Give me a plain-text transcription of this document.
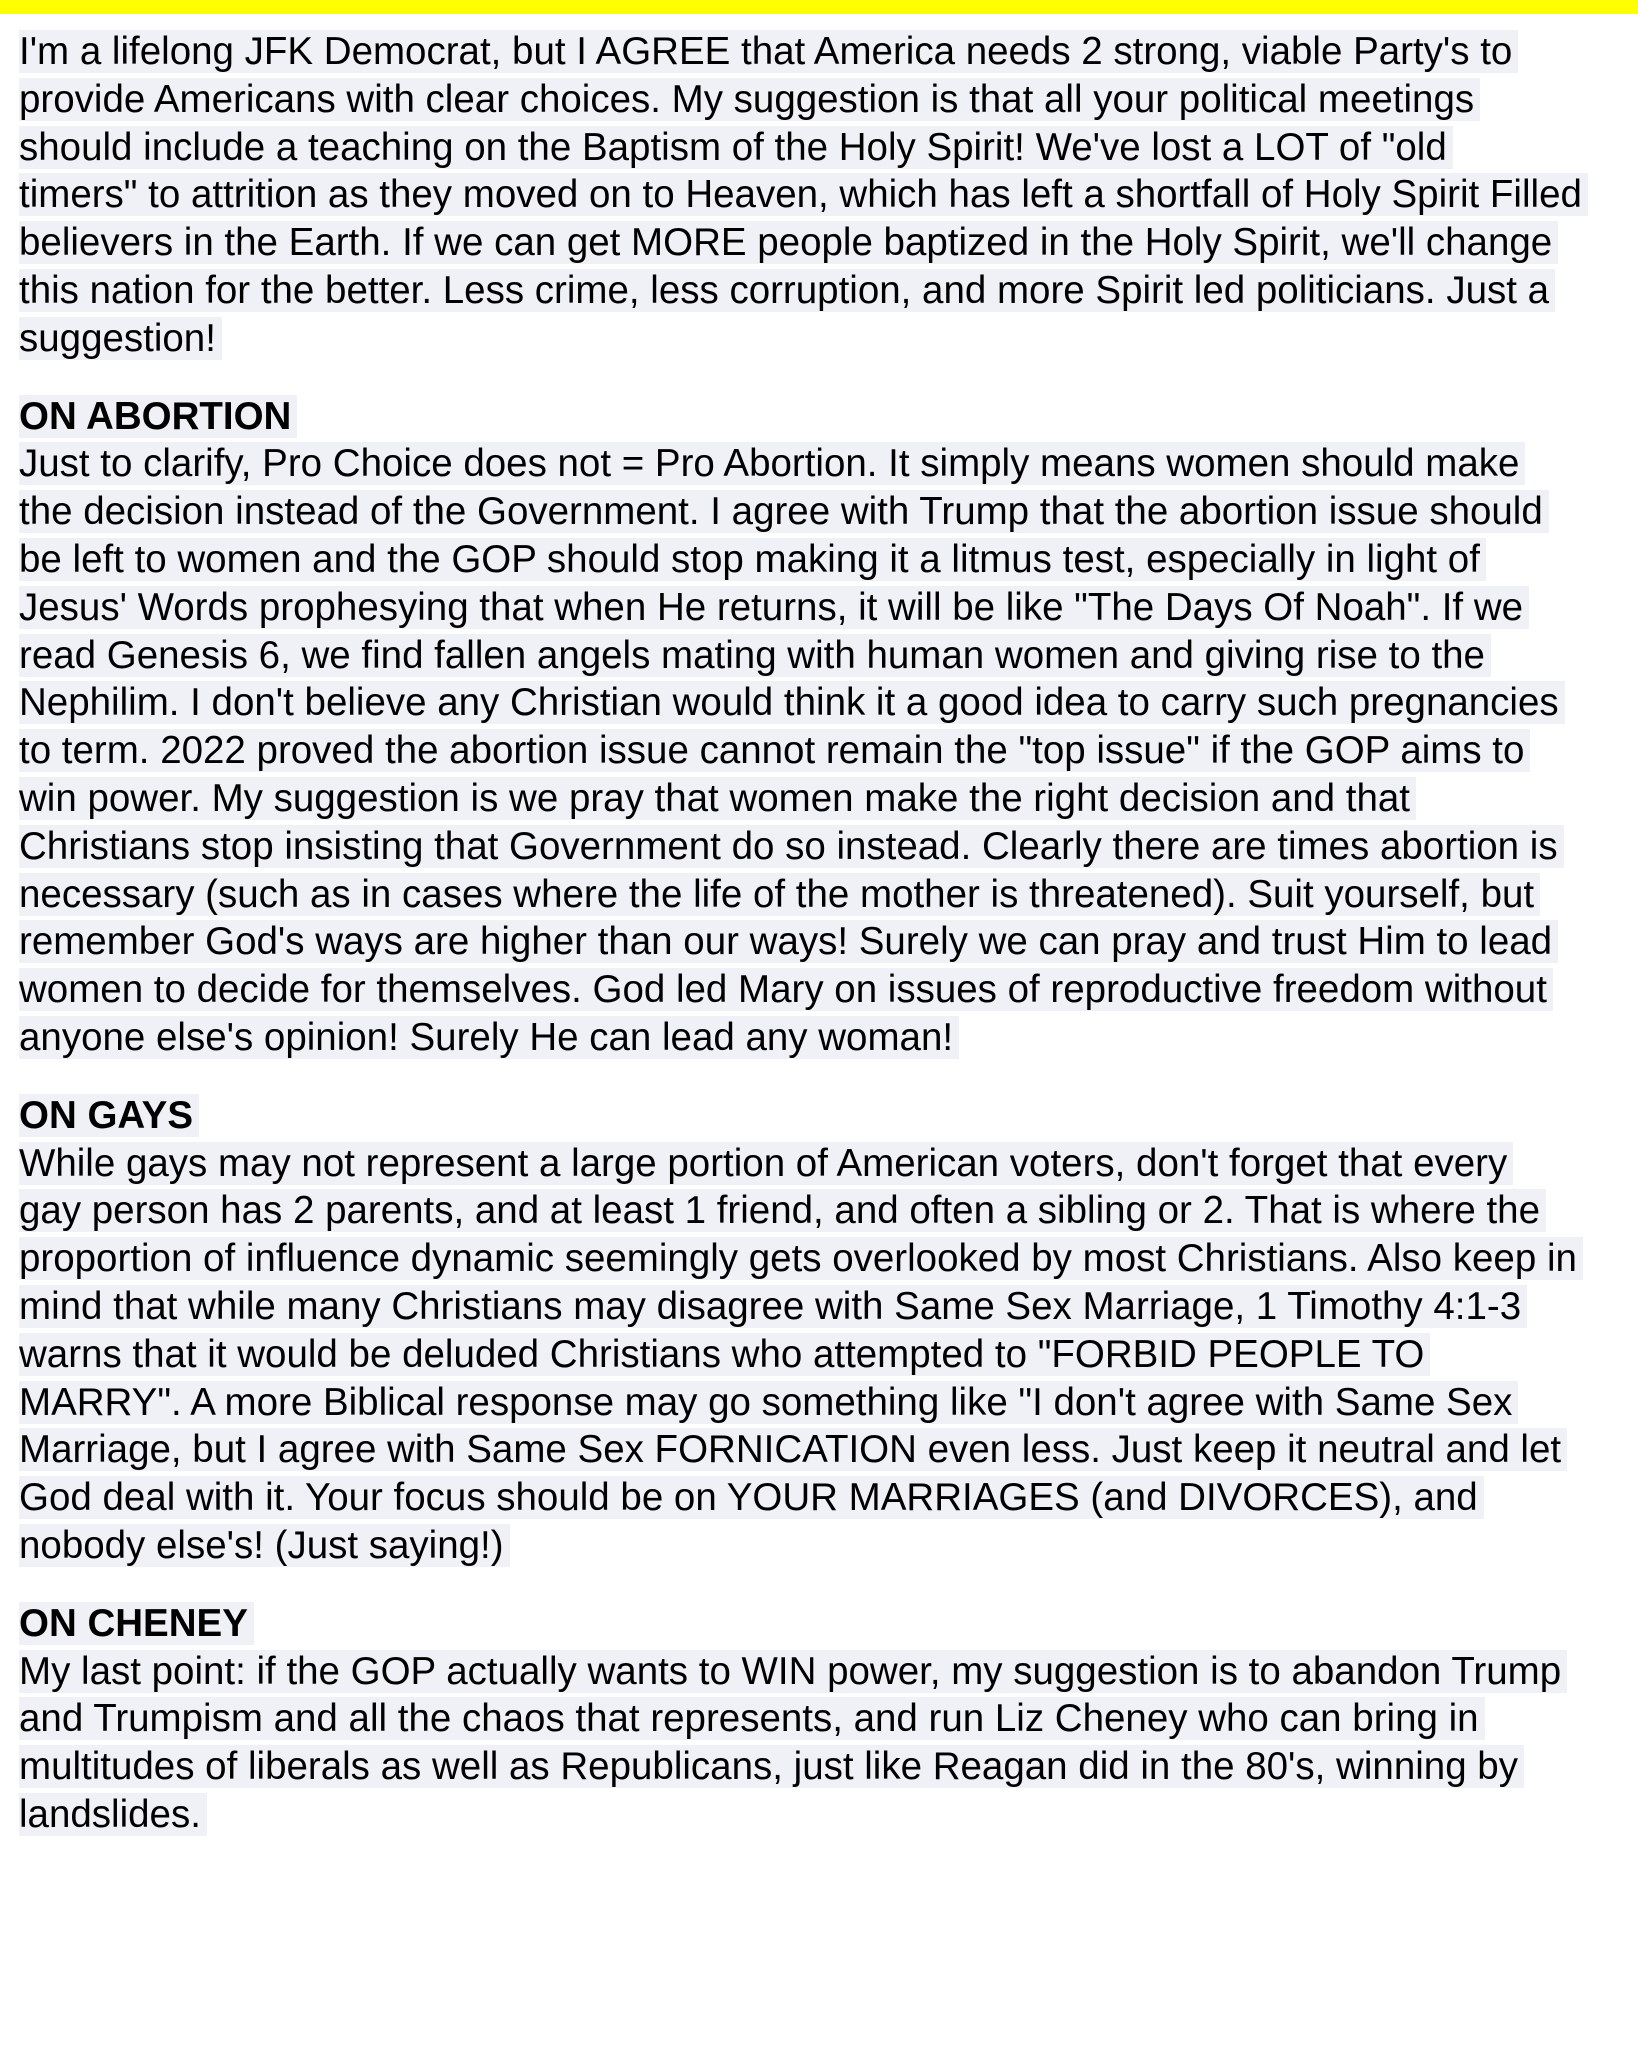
I'm a lifelong JFK Democrat, but I AGREE that America needs 2 strong, viable Party's to
provide Americans with clear choices. My suggestion is that all your political meetings
should include a teaching on the Baptism of the Holy Spirit! We've lost a LOT of "old
timers" to attrition as they moved on to Heaven, which has left a shortfall of Holy Spirit Filled
believers in the Earth. If we can get MORE people baptized in the Holy Spirit, we'll change
this nation for the better. Less crime, less corruption, and more Spirit led politicians. Just a
suggestion!
ON ABORTION
Just to clarify, Pro Choice does not = Pro Abortion. It simply means women should make
the decision instead of the Government. I agree with Trump that the abortion issue should
be left to women and the GOP should stop making it a litmus test, especially in light of
Jesus' Words prophesying that when He returns, it will be like "The Days Of Noah". If we
read Genesis 6, we find fallen angels mating with human women and giving rise to the
Nephilim. I don't believe any Christian would think it a good idea to carry such pregnancies
to term. 2022 proved the abortion issue cannot remain the "top issue" if the GOP aims to
win power. My suggestion is we pray that women make the right decision and that
Christians stop insisting that Government do so instead. Clearly there are times abortion is
necessary (such as in cases where the life of the mother is threatened). Suit yourself, but
remember God's ways are higher than our ways! Surely we can pray and trust Him to lead
women to decide for themselves. God led Mary on issues of reproductive freedom without
anyone else's opinion! Surely He can lead any woman!
ON GAYS
While gays may not represent a large portion of American voters, don't forget that every
gay person has 2 parents, and at least 1 friend, and often a sibling or 2. That is where the
proportion of influence dynamic seemingly gets overlooked by most Christians. Also keep in
mind that while many Christians may disagree with Same Sex Marriage, 1 Timothy 4:1-3
warns that it would be deluded Christians who attempted to "FORBID PEOPLE TO
MARRY". A more Biblical response may go something like "I don't agree with Same Sex
Marriage, but I agree with Same Sex FORNICATION even less. Just keep it neutral and let
God deal with it. Your focus should be on YOUR MARRIAGES (and DIVORCES), and
nobody else's! (Just saying!)
ON CHENEY
My last point: if the GOP actually wants to WIN power, my suggestion is to abandon Trump
and Trumpism and all the chaos that represents, and run Liz Cheney who can bring in
multitudes of liberals as well as Republicans, just like Reagan did in the 80's, winning by
landslides.
